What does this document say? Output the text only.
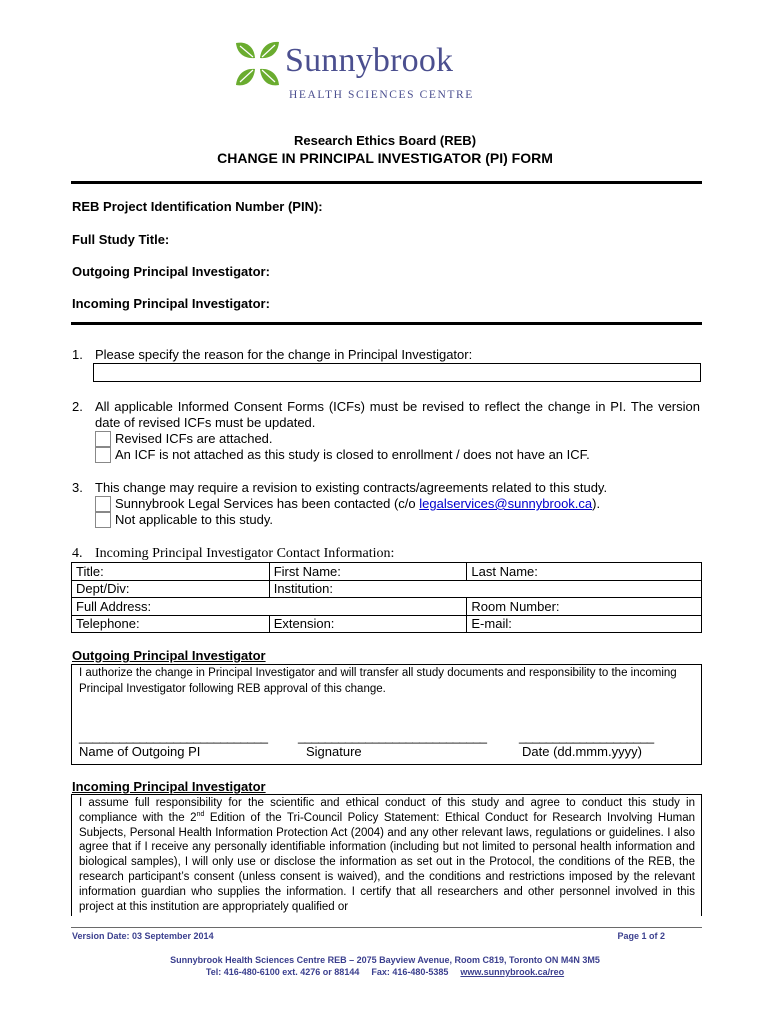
Sunnybrook
HEALTH SCIENCES CENTRE
Research Ethics Board (REB)
CHANGE IN PRINCIPAL INVESTIGATOR (PI) FORM
REB Project Identification Number (PIN):
Full Study Title:
Outgoing Principal Investigator:
Incoming Principal Investigator:
1. Please specify the reason for the change in Principal Investigator:
2. All applicable Informed Consent Forms (ICFs) must be revised to reflect the change in PI. The version date of revised ICFs must be updated.
Revised ICFs are attached.
An ICF is not attached as this study is closed to enrollment / does not have an ICF.
3. This change may require a revision to existing contracts/agreements related to this study.
Sunnybrook Legal Services has been contacted (c/o legalservices@sunnybrook.ca).
Not applicable to this study.
4. Incoming Principal Investigator Contact Information:
Title:	First Name:	Last Name:
Dept/Div:	Institution:	
Full Address:		Room Number:
Telephone:	Extension:	E-mail:
Outgoing Principal Investigator
I authorize the change in Principal Investigator and will transfer all study documents and responsibility to the incoming Principal Investigator following REB approval of this change.
____________________________ ____________________________	____________________
Name of Outgoing PI	Signature	Date (dd.mmm.yyyy)
Incoming Principal Investigator
I assume full responsibility for the scientific and ethical conduct of this study and agree to conduct this study in compliance with the 2nd Edition of the Tri-Council Policy Statement: Ethical Conduct for Research Involving Human Subjects, Personal Health Information Protection Act (2004) and any other relevant laws, regulations or guidelines. I also agree that if I receive any personally identifiable information (including but not limited to personal health information and biological samples), I will only use or disclose the information as set out in the Protocol, the conditions of the REB, the research participant’s consent (unless consent is waived), and the conditions and restrictions imposed by the relevant information guardian who supplies the information. I certify that all researchers and other personnel involved in this project at this institution are appropriately qualified or
Version Date: 03 September 2014	Page 1 of 2
Sunnybrook Health Sciences Centre REB – 2075 Bayview Avenue, Room C819, Toronto ON M4N 3M5
Tel: 416-480-6100 ext. 4276 or 88144 Fax: 416-480-5385 www.sunnybrook.ca/reo
